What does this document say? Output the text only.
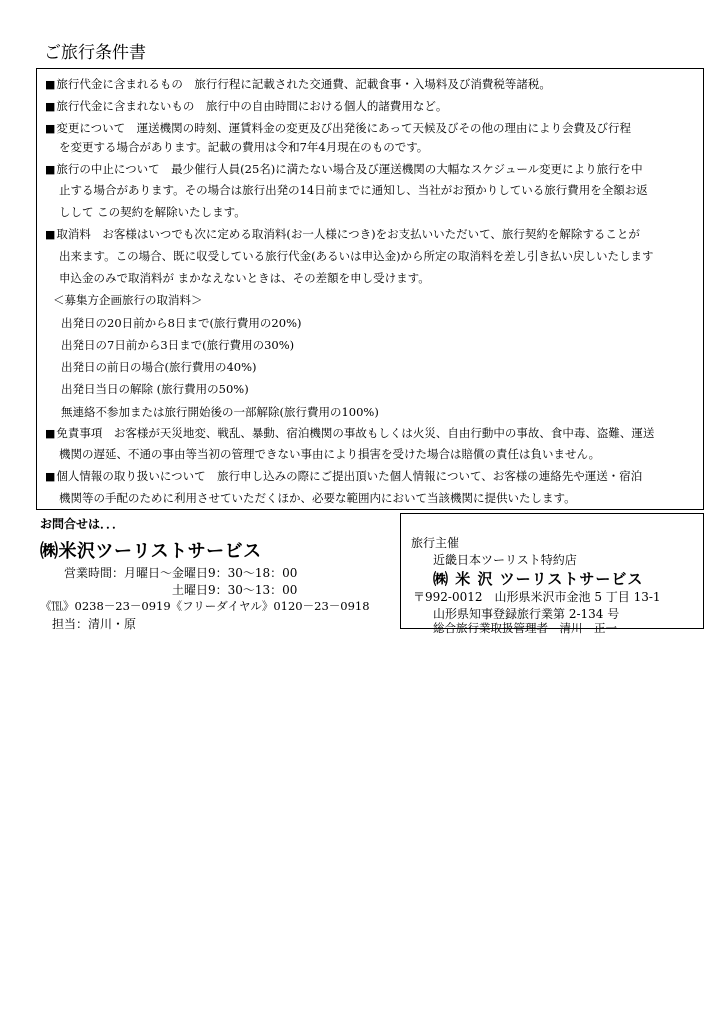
ご旅行条件書
■旅行代金に含まれるもの　 旅行行程に記載された交通費、記載食事・入場料及び消費税等諸税。
■旅行代金に含まれないもの　 旅行中の自由時間における個人的諸費用など。
■変更について　運送機関の時刻、運賃料金の変更及び出発後にあって天候及びその他の理由により会費及び行程
を変更する場合があります。記載の費用は令和7年4月現在のものです。
■旅行の中止について　最少催行人員(25名)に満たない場合及び運送機関の大幅なスケジュール変更により旅行を中
止する場合があります。その場合は旅行出発の14日前までに通知し、当社がお預かりしている旅行費用を全額お返
しして この契約を解除いたします。
■取消料　お客様はいつでも次に定める取消料(お一人様につき)をお支払いいただいて、旅行契約を解除することが
出来ます。この場合、既に収受している旅行代金(あるいは申込金)から所定の取消料を差し引き払い戻しいたします
申込金のみで取消料が まかなえないときは、その差額を申し受けます。
＜募集方企画旅行の取消料＞
出発日の20日前から8日まで(旅行費用の20%)
出発日の7日前から3日まで(旅行費用の30%)
出発日の前日の場合(旅行費用の40%)
出発日当日の解除 (旅行費用の50%)
無連絡不参加または旅行開始後の一部解除(旅行費用の100%)
■免責事項　お客様が天災地変、戦乱、暴動、宿泊機関の事故もしくは火災、自由行動中の事故、食中毒、盗難、運送
機関の遅延、不通の事由等当初の管理できない事由により損害を受けた場合は賠償の責任は負いません。
■個人情報の取り扱いについて　旅行申し込みの際にご提出頂いた個人情報について、お客様の連絡先や運送・宿泊
機関等の手配のために利用させていただくほか、必要な範囲内において当該機関に提供いたします。
お問合せは．．．
㈱米沢ツーリストサービス
営業時間：月曜日～金曜日9：30～18：00
土曜日9：30～13：00
《℡》0238－23－0919《フリーダイヤル》0120－23－0918
担当：清川・原
旅行主催
近畿日本ツーリスト特約店
㈱ 米 沢 ツーリストサービス
〒992-0012　山形県米沢市金池 5 丁目 13-1
山形県知事登録旅行業第 2-134 号
総合旅行業取扱管理者　清川　正一
